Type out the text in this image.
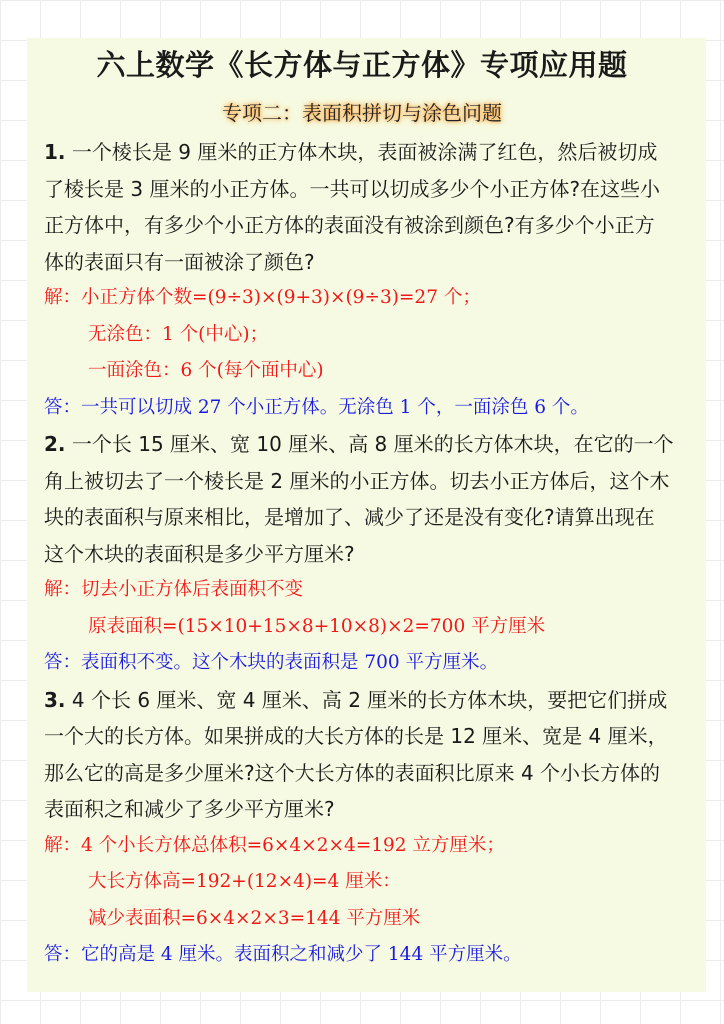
六上数学《长方体与正方体》专项应用题
专项二：表面积拼切与涂色问题
1. 一个棱长是 9 厘米的正方体木块，表面被涂满了红色，然后被切成
了棱长是 3 厘米的小正方体。一共可以切成多少个小正方体?在这些小
正方体中，有多少个小正方体的表面没有被涂到颜色?有多少个小正方
体的表面只有一面被涂了颜色?
解：小正方体个数=(9÷3)×(9+3)×(9÷3)=27 个；
无涂色：1 个(中心)；
一面涂色：6 个(每个面中心)
答：一共可以切成 27 个小正方体。无涂色 1 个，一面涂色 6 个。
2. 一个长 15 厘米、宽 10 厘米、高 8 厘米的长方体木块，在它的一个
角上被切去了一个棱长是 2 厘米的小正方体。切去小正方体后，这个木
块的表面积与原来相比，是增加了、减少了还是没有变化?请算出现在
这个木块的表面积是多少平方厘米?
解：切去小正方体后表面积不变
原表面积=(15×10+15×8+10×8)×2=700 平方厘米
答：表面积不变。这个木块的表面积是 700 平方厘米。
3. 4 个长 6 厘米、宽 4 厘米、高 2 厘米的长方体木块，要把它们拼成
一个大的长方体。如果拼成的大长方体的长是 12 厘米、宽是 4 厘米，
那么它的高是多少厘米?这个大长方体的表面积比原来 4 个小长方体的
表面积之和减少了多少平方厘米?
解：4 个小长方体总体积=6×4×2×4=192 立方厘米；
大长方体高=192+(12×4)=4 厘米：
减少表面积=6×4×2×3=144 平方厘米
答：它的高是 4 厘米。表面积之和减少了 144 平方厘米。
